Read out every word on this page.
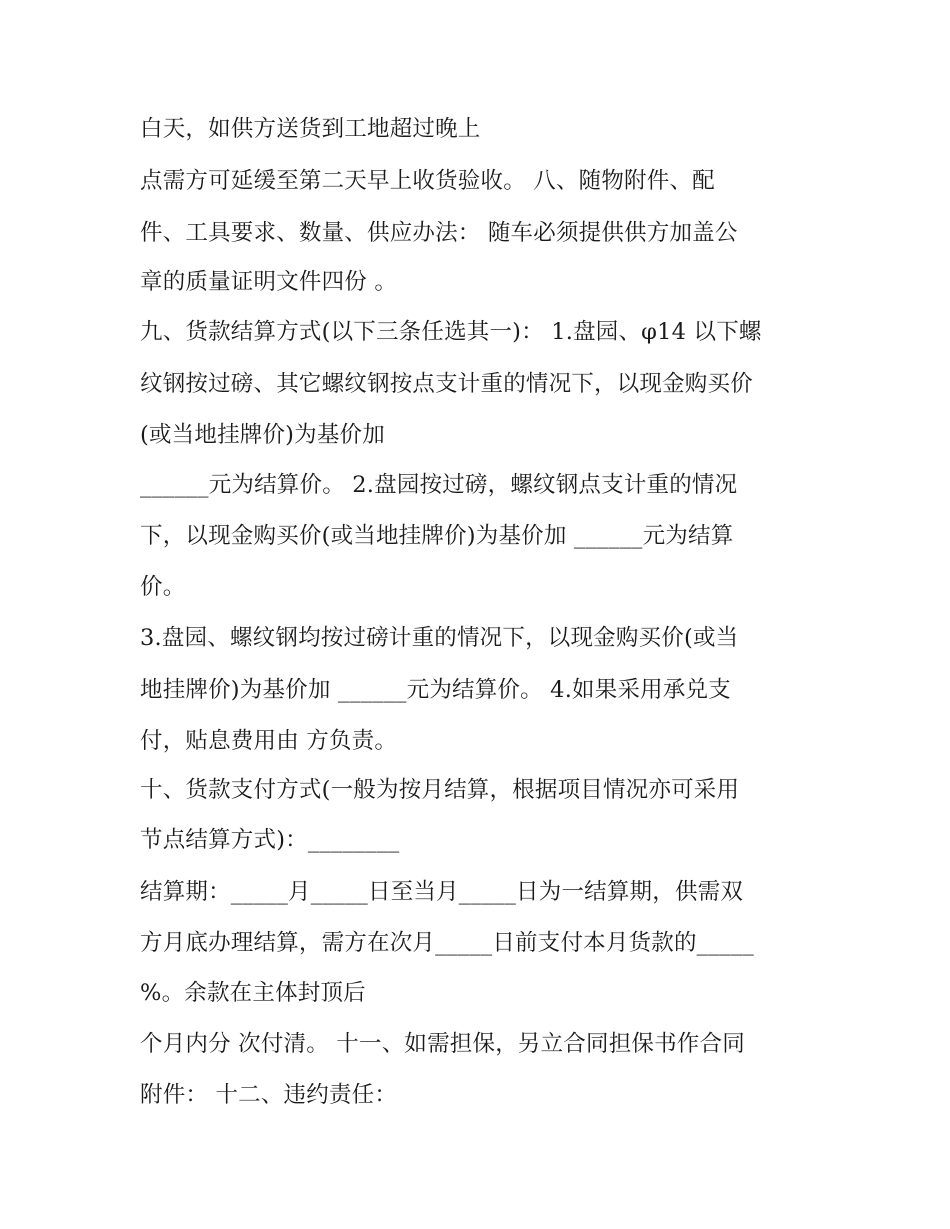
白天，如供方送货到工地超过晚上
点需方可延缓至第二天早上收货验收。 八、随物附件、配
件、工具要求、数量、供应办法： 随车必须提供供方加盖公
章的质量证明文件四份 。
九、货款结算方式(以下三条任选其一)： 1.盘园、φ14 以下螺
纹钢按过磅、其它螺纹钢按点支计重的情况下，以现金购买价
(或当地挂牌价)为基价加
______元为结算价。 2.盘园按过磅，螺纹钢点支计重的情况
下，以现金购买价(或当地挂牌价)为基价加 ______元为结算
价。
3.盘园、螺纹钢均按过磅计重的情况下，以现金购买价(或当
地挂牌价)为基价加 ______元为结算价。 4.如果采用承兑支
付，贴息费用由 方负责。
十、货款支付方式(一般为按月结算，根据项目情况亦可采用
节点结算方式)：________
结算期：_____月_____日至当月_____日为一结算期，供需双
方月底办理结算，需方在次月_____日前支付本月货款的_____
%。余款在主体封顶后
个月内分 次付清。 十一、如需担保，另立合同担保书作合同
附件： 十二、违约责任：
